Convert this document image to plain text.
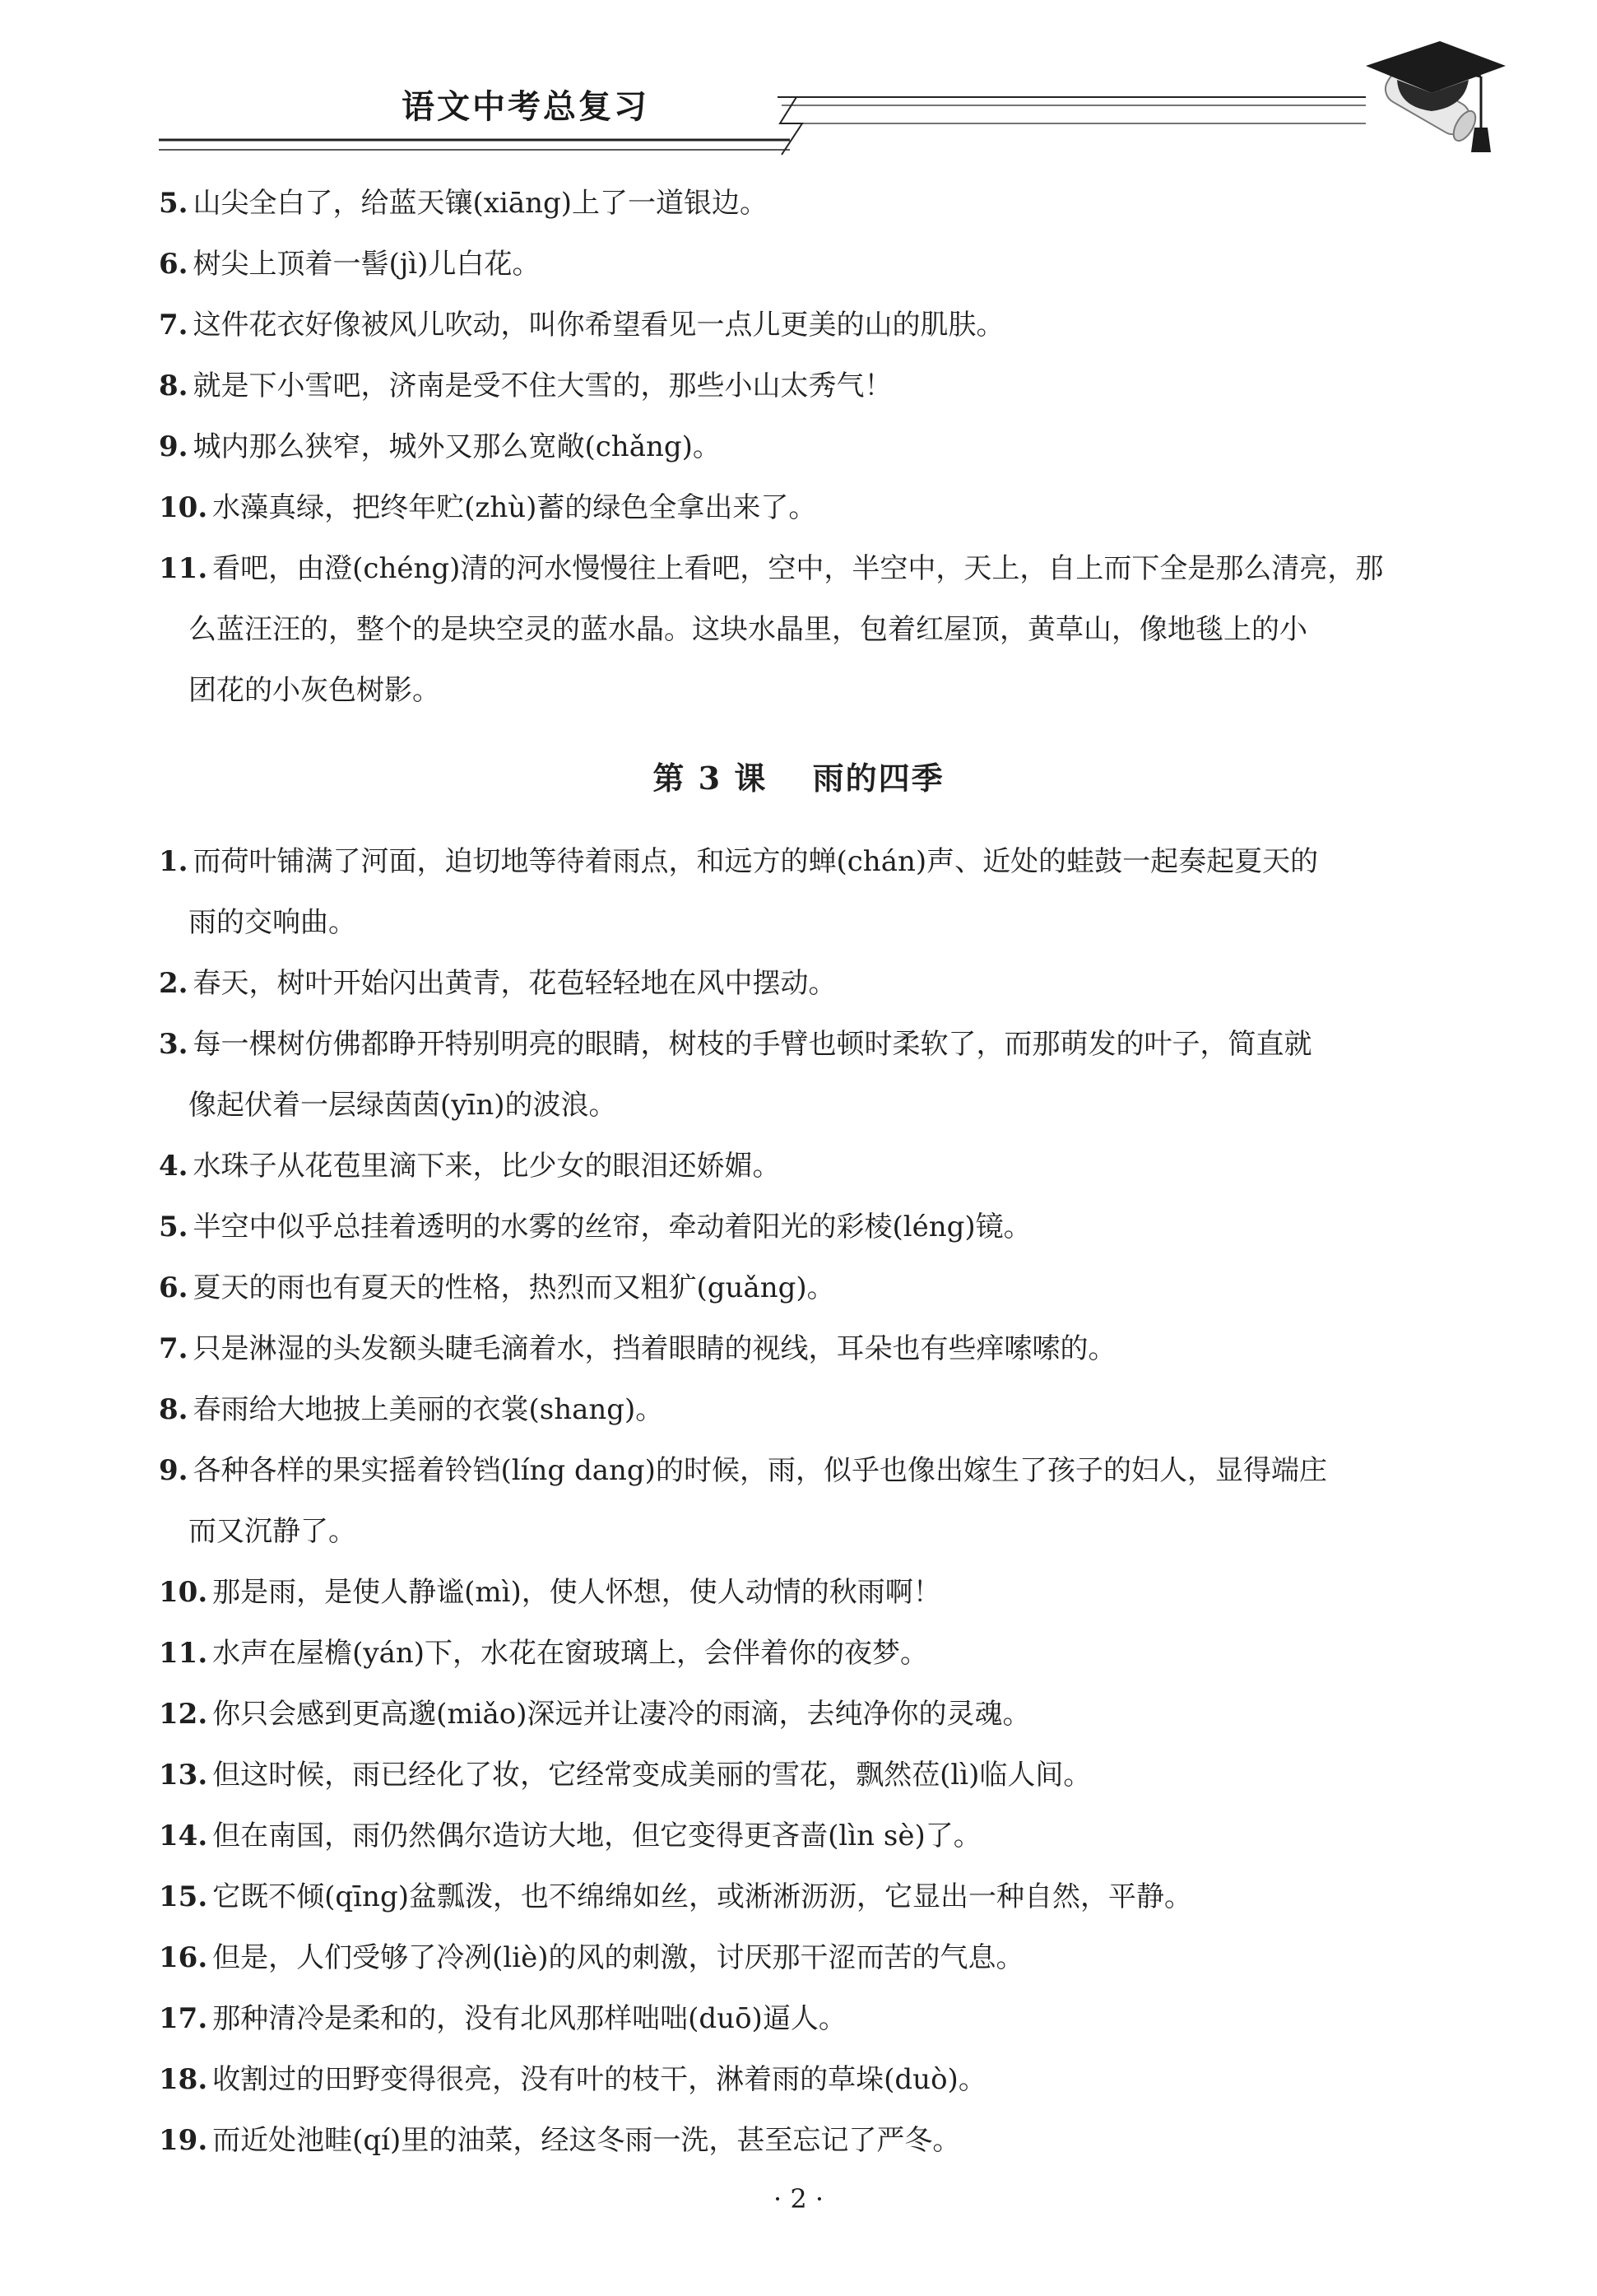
语文中考总复习
5. 山尖全白了，给蓝天镶(xiāng)上了一道银边。
6. 树尖上顶着一髻(jì)儿白花。
7. 这件花衣好像被风儿吹动，叫你希望看见一点儿更美的山的肌肤。
8. 就是下小雪吧，济南是受不住大雪的，那些小山太秀气！
9. 城内那么狭窄，城外又那么宽敞(chǎng)。
10. 水藻真绿，把终年贮(zhù)蓄的绿色全拿出来了。
11. 看吧，由澄(chéng)清的河水慢慢往上看吧，空中，半空中，天上，自上而下全是那么清亮，那
么蓝汪汪的，整个的是块空灵的蓝水晶。这块水晶里，包着红屋顶，黄草山，像地毯上的小
团花的小灰色树影。
第 3 课 雨的四季
1. 而荷叶铺满了河面，迫切地等待着雨点，和远方的蝉(chán)声、近处的蛙鼓一起奏起夏天的
雨的交响曲。
2. 春天，树叶开始闪出黄青，花苞轻轻地在风中摆动。
3. 每一棵树仿佛都睁开特别明亮的眼睛，树枝的手臂也顿时柔软了，而那萌发的叶子，简直就
像起伏着一层绿茵茵(yīn)的波浪。
4. 水珠子从花苞里滴下来，比少女的眼泪还娇媚。
5. 半空中似乎总挂着透明的水雾的丝帘，牵动着阳光的彩棱(léng)镜。
6. 夏天的雨也有夏天的性格，热烈而又粗犷(guǎng)。
7. 只是淋湿的头发额头睫毛滴着水，挡着眼睛的视线，耳朵也有些痒嗦嗦的。
8. 春雨给大地披上美丽的衣裳(shang)。
9. 各种各样的果实摇着铃铛(líng dang)的时候，雨，似乎也像出嫁生了孩子的妇人，显得端庄
而又沉静了。
10. 那是雨，是使人静谧(mì)，使人怀想，使人动情的秋雨啊！
11. 水声在屋檐(yán)下，水花在窗玻璃上，会伴着你的夜梦。
12. 你只会感到更高邈(miǎo)深远并让凄冷的雨滴，去纯净你的灵魂。
13. 但这时候，雨已经化了妆，它经常变成美丽的雪花，飘然莅(lì)临人间。
14. 但在南国，雨仍然偶尔造访大地，但它变得更吝啬(lìn sè)了。
15. 它既不倾(qīng)盆瓢泼，也不绵绵如丝，或淅淅沥沥，它显出一种自然，平静。
16. 但是，人们受够了冷冽(liè)的风的刺激，讨厌那干涩而苦的气息。
17. 那种清冷是柔和的，没有北风那样咄咄(duō)逼人。
18. 收割过的田野变得很亮，没有叶的枝干，淋着雨的草垛(duò)。
19. 而近处池畦(qí)里的油菜，经这冬雨一洗，甚至忘记了严冬。
· 2 ·
